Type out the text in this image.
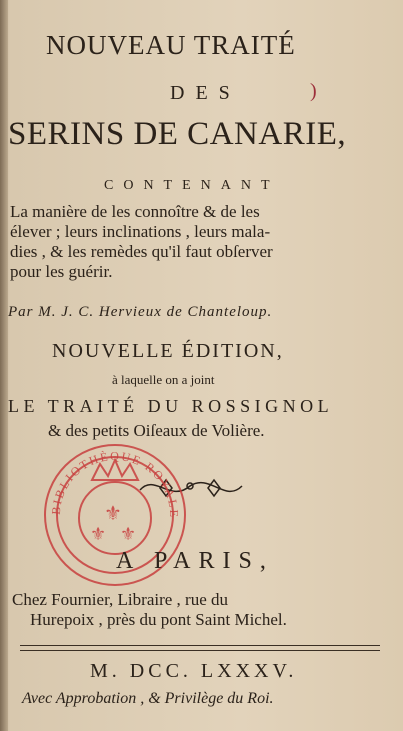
NOUVEAU TRAITÉ
)
DES
SERINS DE CANARIE,
CONTENANT
La manière de les connoître & de les
élever ; leurs inclinations , leurs mala-
dies , & les remèdes qu'il faut obſerver
pour les guérir.
Par M. J. C. Hervieux de Chanteloup.
NOUVELLE ÉDITION,
à laquelle on a joint
LE TRAITÉ DU ROSSIGNOL
& des petits Oiſeaux de Volière.
⚜
⚜ ⚜
BIBLIOTHÈQUE ROYALE
A PARIS,
Chez Fournier, Libraire , rue du
Hurepoix , près du pont Saint Michel.
M. DCC. LXXXV.
Avec Approbation , & Privilège du Roi.
